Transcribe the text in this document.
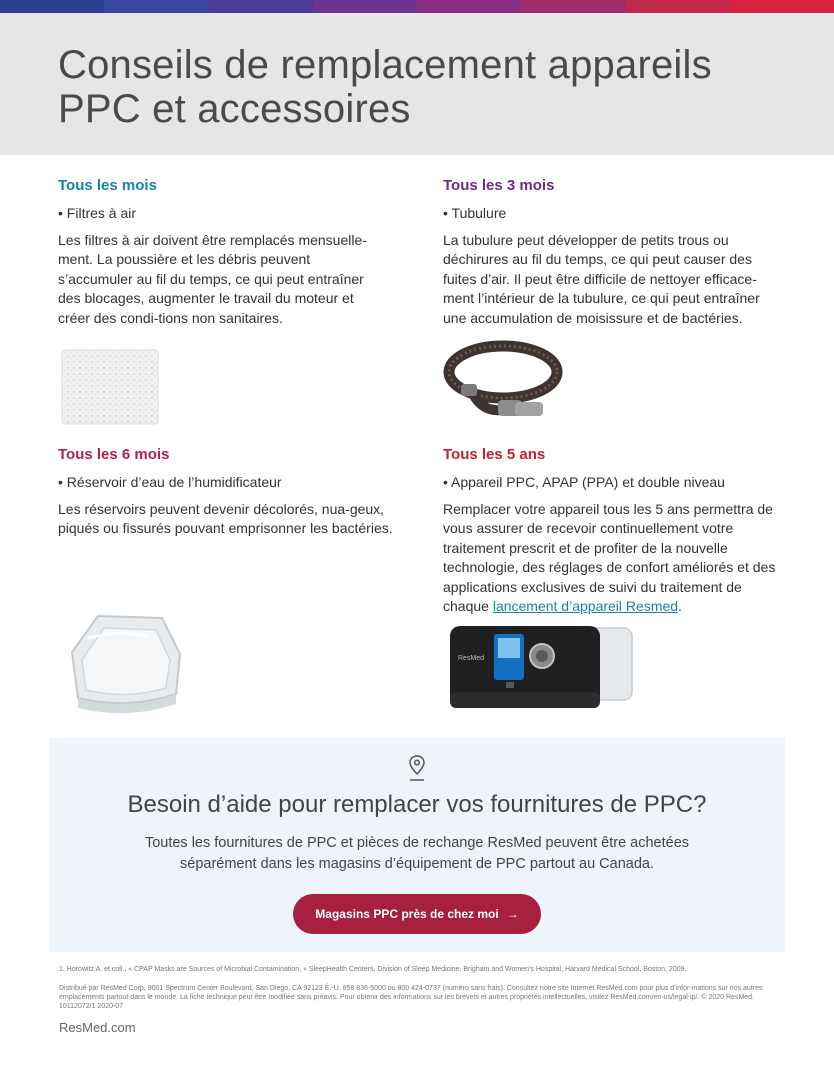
Conseils de remplacement appareils
PPC et accessoires
Tous les mois
• Filtres à air

Les filtres à air doivent être remplacés mensuelle-ment. La poussière et les débris peuvent s’accumuler au fil du temps, ce qui peut entraîner des blocages, augmenter le travail du moteur et créer des condi-tions non sanitaires.

Tous les 3 mois
• Tubulure

La tubulure peut développer de petits trous ou déchirures au fil du temps, ce qui peut causer des fuites d’air. Il peut être difficile de nettoyer efficace-ment l’intérieur de la tubulure, ce qui peut entraîner une accumulation de moisissure et de bactéries.

Tous les 6 mois
• Réservoir d’eau de l’humidificateur

Les réservoirs peuvent devenir décolorés, nua-geux, piqués ou fissurés pouvant emprisonner les bactéries.

Tous les 5 ans
• Appareil PPC, APAP (PPA) et double niveau

Remplacer votre appareil tous les 5 ans permettra de vous assurer de recevoir continuellement votre traitement prescrit et de profiter de la nouvelle technologie, des réglages de confort améliorés et des applications exclusives de suivi du traitement de chaque lancement d’appareil Resmed.

ResMed
Besoin d’aide pour remplacer vos fournitures de PPC?
Toutes les fournitures de PPC et pièces de rechange ResMed peuvent être achetées
séparément dans les magasins d’équipement de PPC partout au Canada.
Magasins PPC près de chez moi →
1. Horowitz A. et coll., « CPAP Masks are Sources of Microbial Contamination, » SleepHealth Centers, Division of Sleep Medicine, Brigham and Women’s Hospital, Harvard Medical School, Boston, 2009.
Distribué par ResMed Corp, 9001 Spectrum Center Boulevard, San Diego, CA 92123 É.-U. 858 836-5000 ou 800 424-0737 (numéro sans frais). Consultez notre site Internet ResMed.com pour plus d’infor-mations sur nos autres emplacements partout dans le monde. La fiche technique peut être modifiée sans préavis. Pour obtenir des informations sur les brevets et autres propriétés intellectuelles, visitez ResMed.com/en-us/legal-ip/. © 2020 ResMed. 10112072/1 2020-07
ResMed.com
